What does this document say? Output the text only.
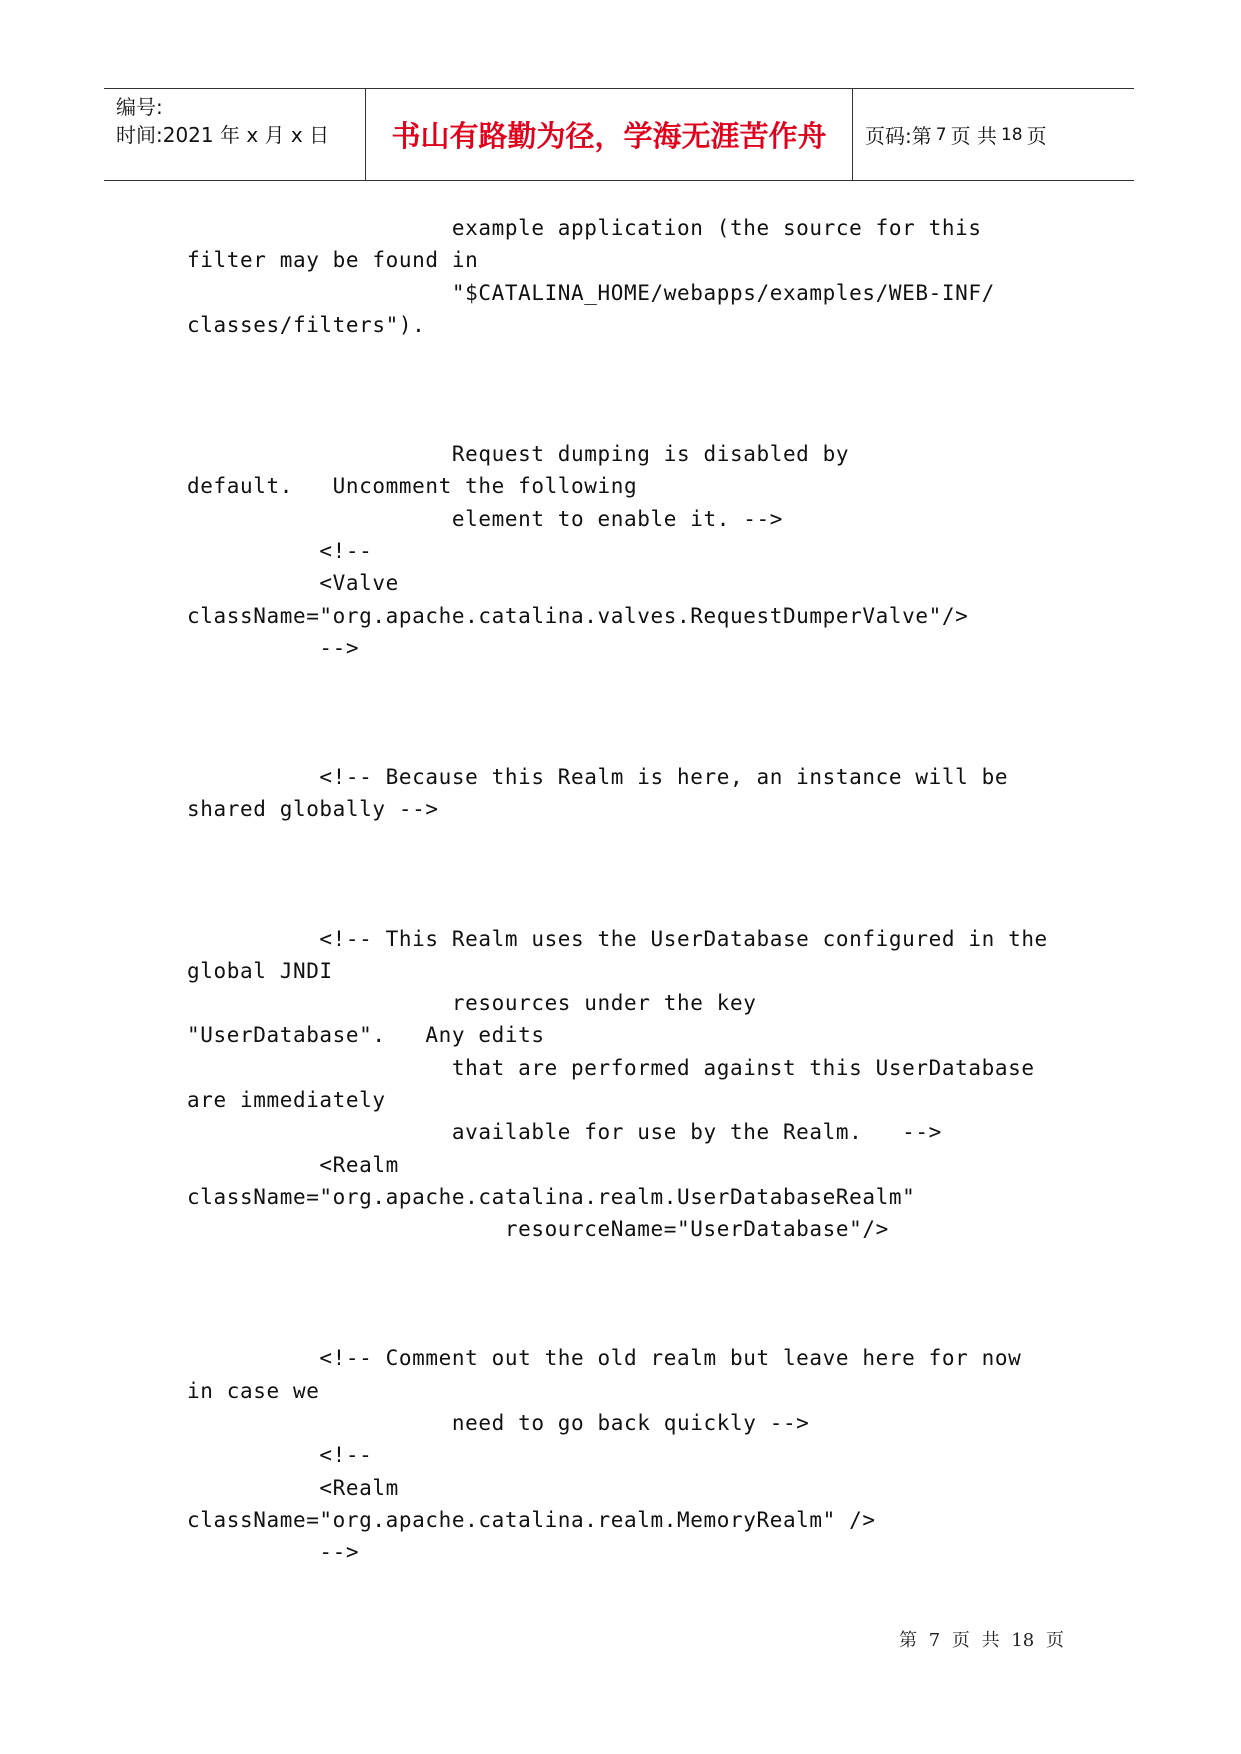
编号:
时间:2021 年 x 月 x 日	书山有路勤为径，学海无涯苦作舟	页码:第 7 页 共 18 页
example application (the source for this
filter may be found in
"$CATALINA_HOME/webapps/examples/WEB-INF/
classes/filters").
Request dumping is disabled by
default.   Uncomment the following
element to enable it. -->
<!--
<Valve
className="org.apache.catalina.valves.RequestDumperValve"/>
-->
<!-- Because this Realm is here, an instance will be
shared globally -->
<!-- This Realm uses the UserDatabase configured in the
global JNDI
resources under the key
"UserDatabase".   Any edits
that are performed against this UserDatabase
are immediately
available for use by the Realm.   -->
<Realm
className="org.apache.catalina.realm.UserDatabaseRealm"
resourceName="UserDatabase"/>
<!-- Comment out the old realm but leave here for now
in case we
need to go back quickly -->
<!--
<Realm
className="org.apache.catalina.realm.MemoryRealm" />
-->
第 7 页 共 18 页
